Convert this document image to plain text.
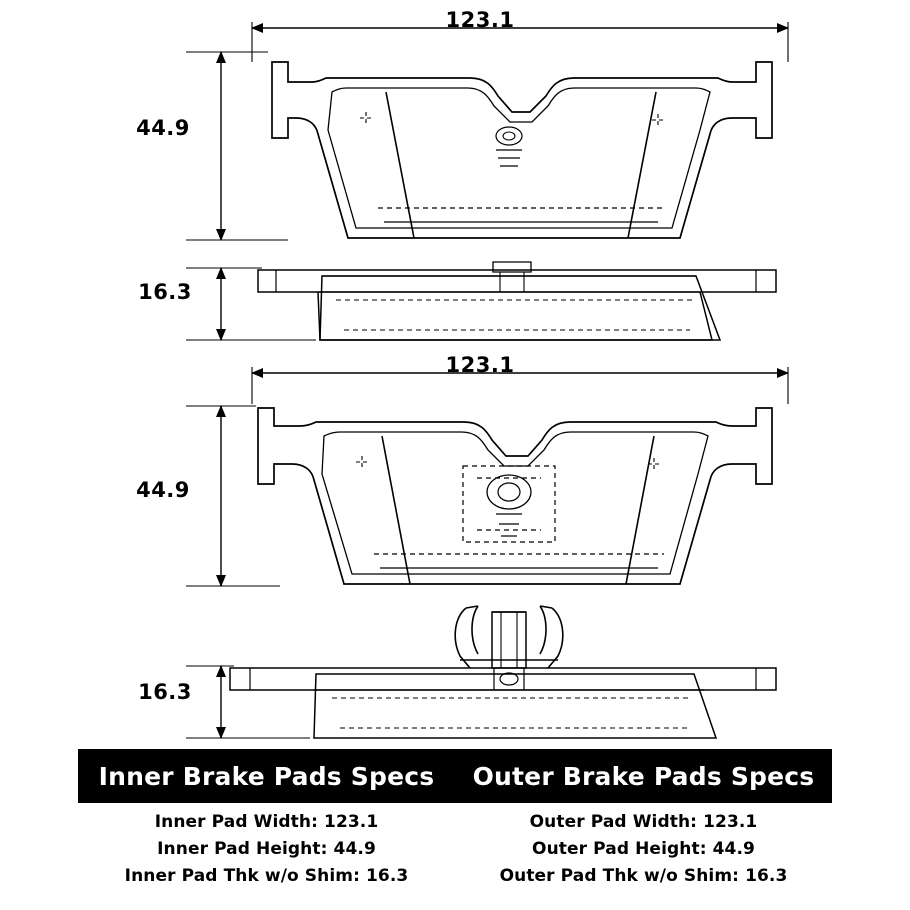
123.1
44.9
16.3
123.1
44.9
16.3
Inner Brake Pads Specs	Outer Brake Pads Specs
Inner Pad Width: 123.1	Outer Pad Width: 123.1
Inner Pad Height: 44.9	Outer Pad Height: 44.9
Inner Pad Thk w/o Shim: 16.3	Outer Pad Thk w/o Shim: 16.3
